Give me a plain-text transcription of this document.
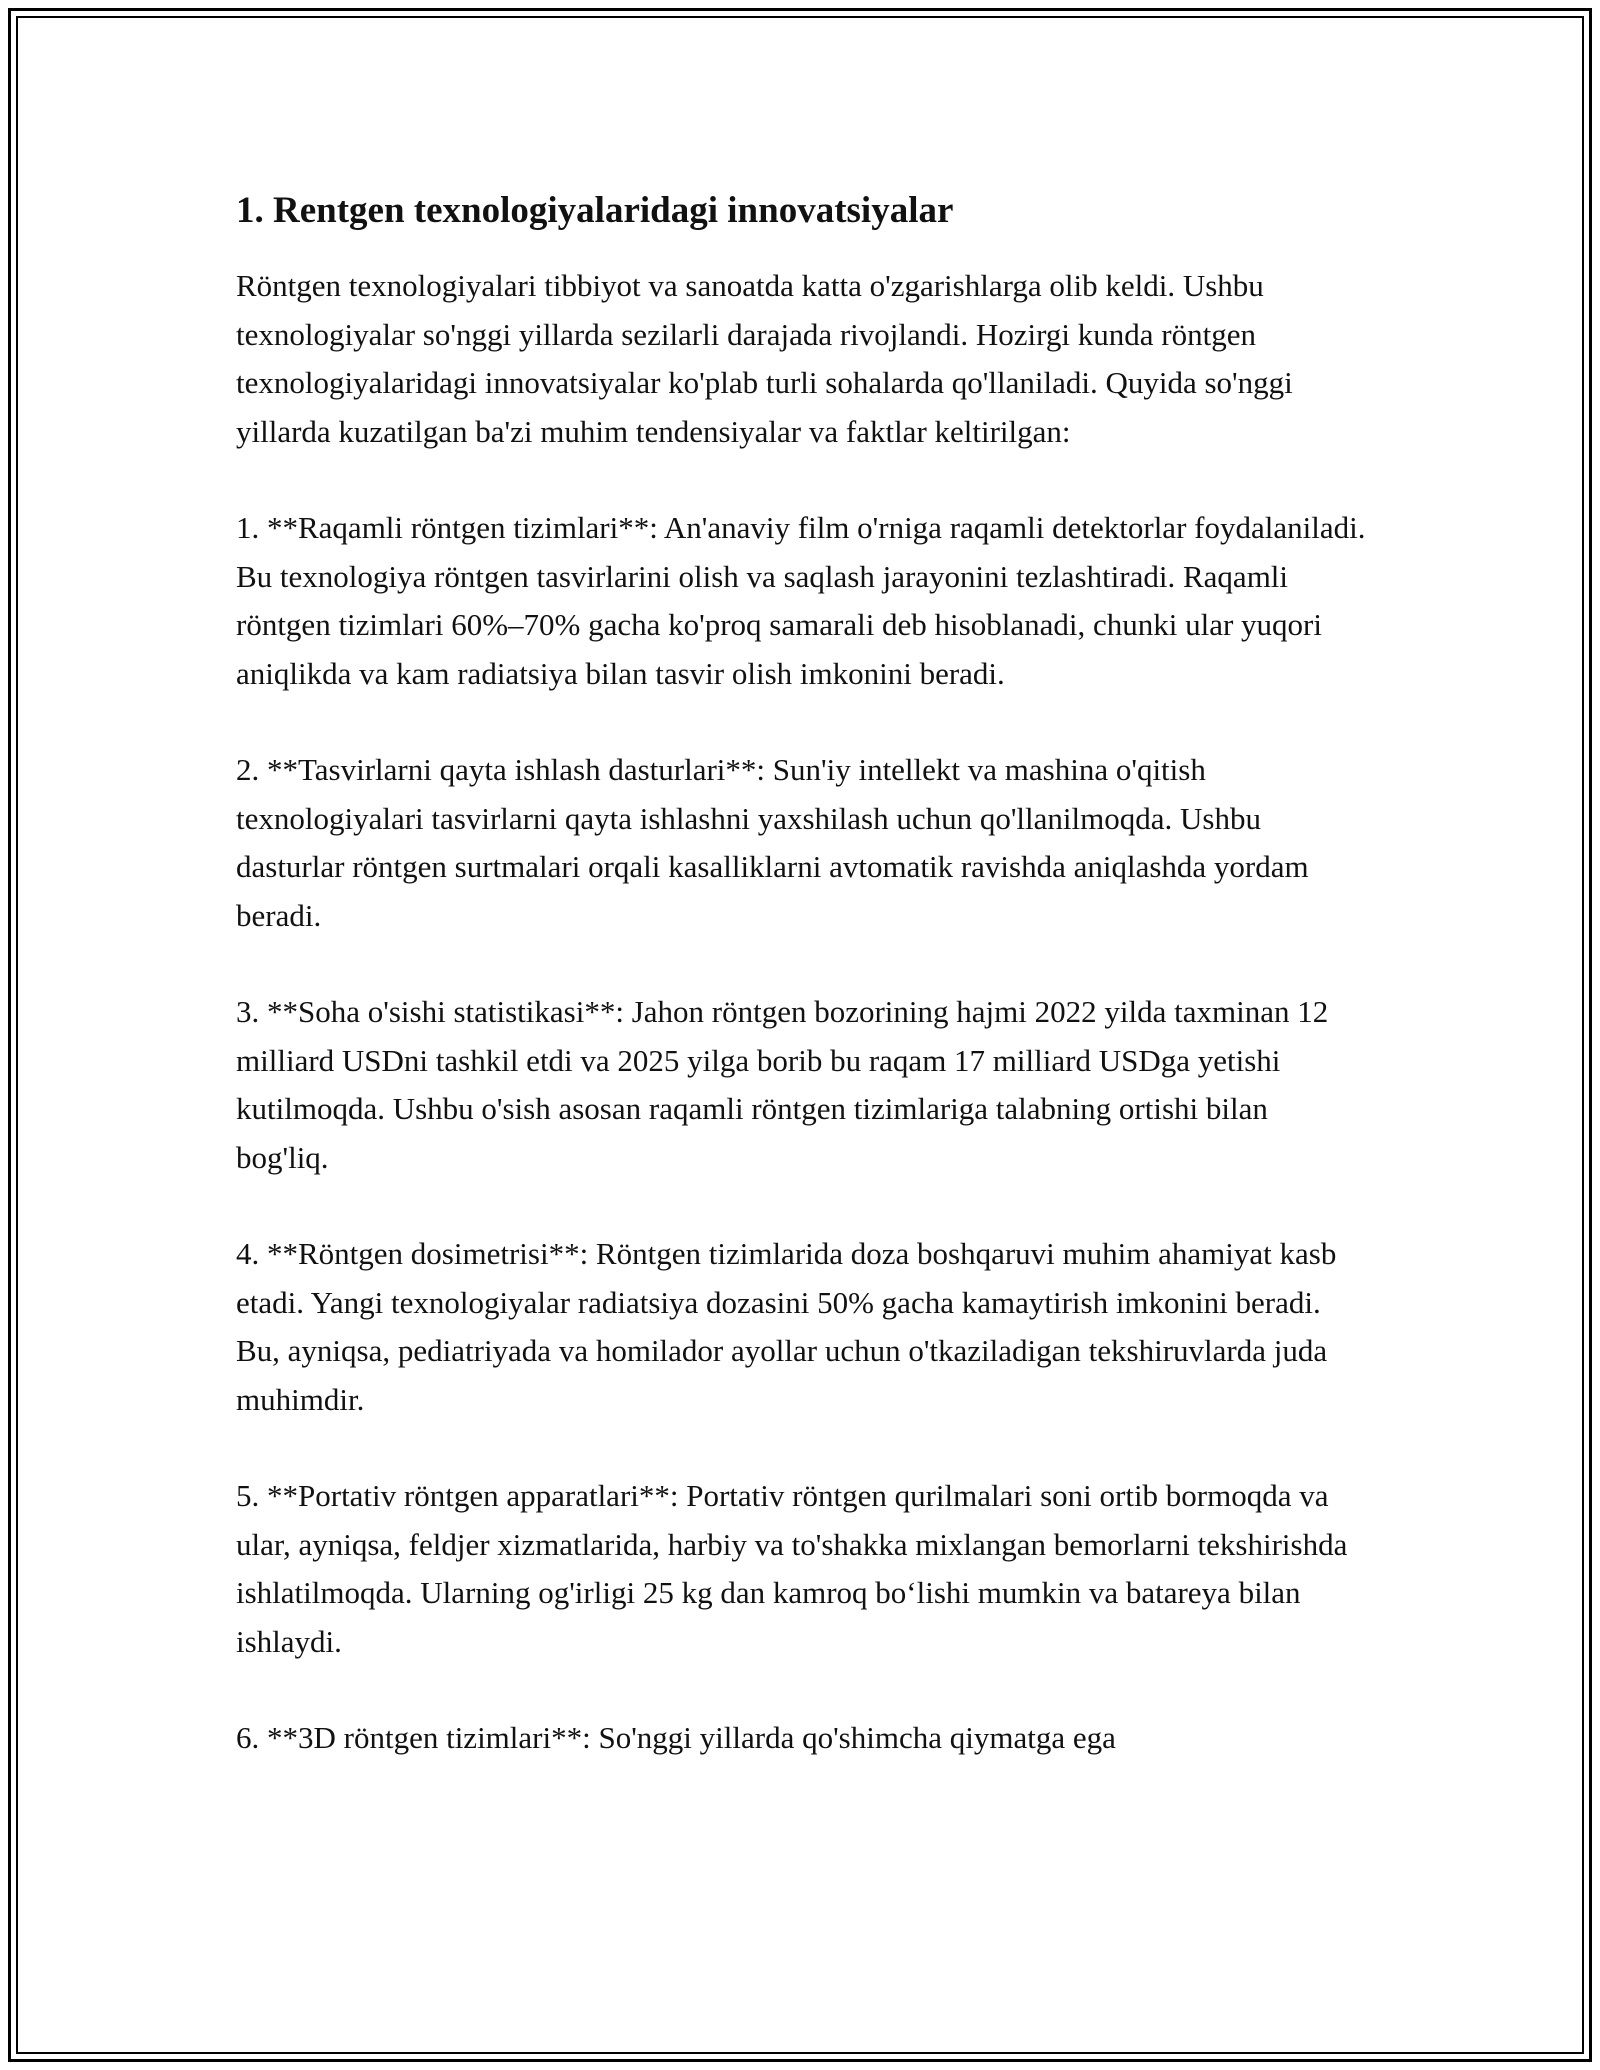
1. Rentgen texnologiyalaridagi innovatsiyalar

Röntgen texnologiyalari tibbiyot va sanoatda katta o'zgarishlarga olib keldi. Ushbu texnologiyalar so'nggi yillarda sezilarli darajada rivojlandi. Hozirgi kunda röntgen texnologiyalaridagi innovatsiyalar ko'plab turli sohalarda qo'llaniladi. Quyida so'nggi yillarda kuzatilgan ba'zi muhim tendensiyalar va faktlar keltirilgan:

1. **Raqamli röntgen tizimlari**: An'anaviy film o'rniga raqamli detektorlar foydalaniladi. Bu texnologiya röntgen tasvirlarini olish va saqlash jarayonini tezlashtiradi. Raqamli röntgen tizimlari 60%–70% gacha ko'proq samarali deb hisoblanadi, chunki ular yuqori aniqlikda va kam radiatsiya bilan tasvir olish imkonini beradi.

2. **Tasvirlarni qayta ishlash dasturlari**: Sun'iy intellekt va mashina o'qitish texnologiyalari tasvirlarni qayta ishlashni yaxshilash uchun qo'llanilmoqda. Ushbu dasturlar röntgen surtmalari orqali kasalliklarni avtomatik ravishda aniqlashda yordam beradi.

3. **Soha o'sishi statistikasi**: Jahon röntgen bozorining hajmi 2022 yilda taxminan 12 milliard USDni tashkil etdi va 2025 yilga borib bu raqam 17 milliard USDga yetishi kutilmoqda. Ushbu o'sish asosan raqamli röntgen tizimlariga talabning ortishi bilan bog'liq.

4. **Röntgen dosimetrisi**: Röntgen tizimlarida doza boshqaruvi muhim ahamiyat kasb etadi. Yangi texnologiyalar radiatsiya dozasini 50% gacha kamaytirish imkonini beradi. Bu, ayniqsa, pediatriyada va homilador ayollar uchun o'tkaziladigan tekshiruvlarda juda muhimdir.

5. **Portativ röntgen apparatlari**: Portativ röntgen qurilmalari soni ortib bormoqda va ular, ayniqsa, feldjer xizmatlarida, harbiy va to'shakka mixlangan bemorlarni tekshirishda ishlatilmoqda. Ularning og'irligi 25 kg dan kamroq boʻlishi mumkin va batareya bilan ishlaydi.

6. **3D röntgen tizimlari**: So'nggi yillarda qo'shimcha qiymatga ega
